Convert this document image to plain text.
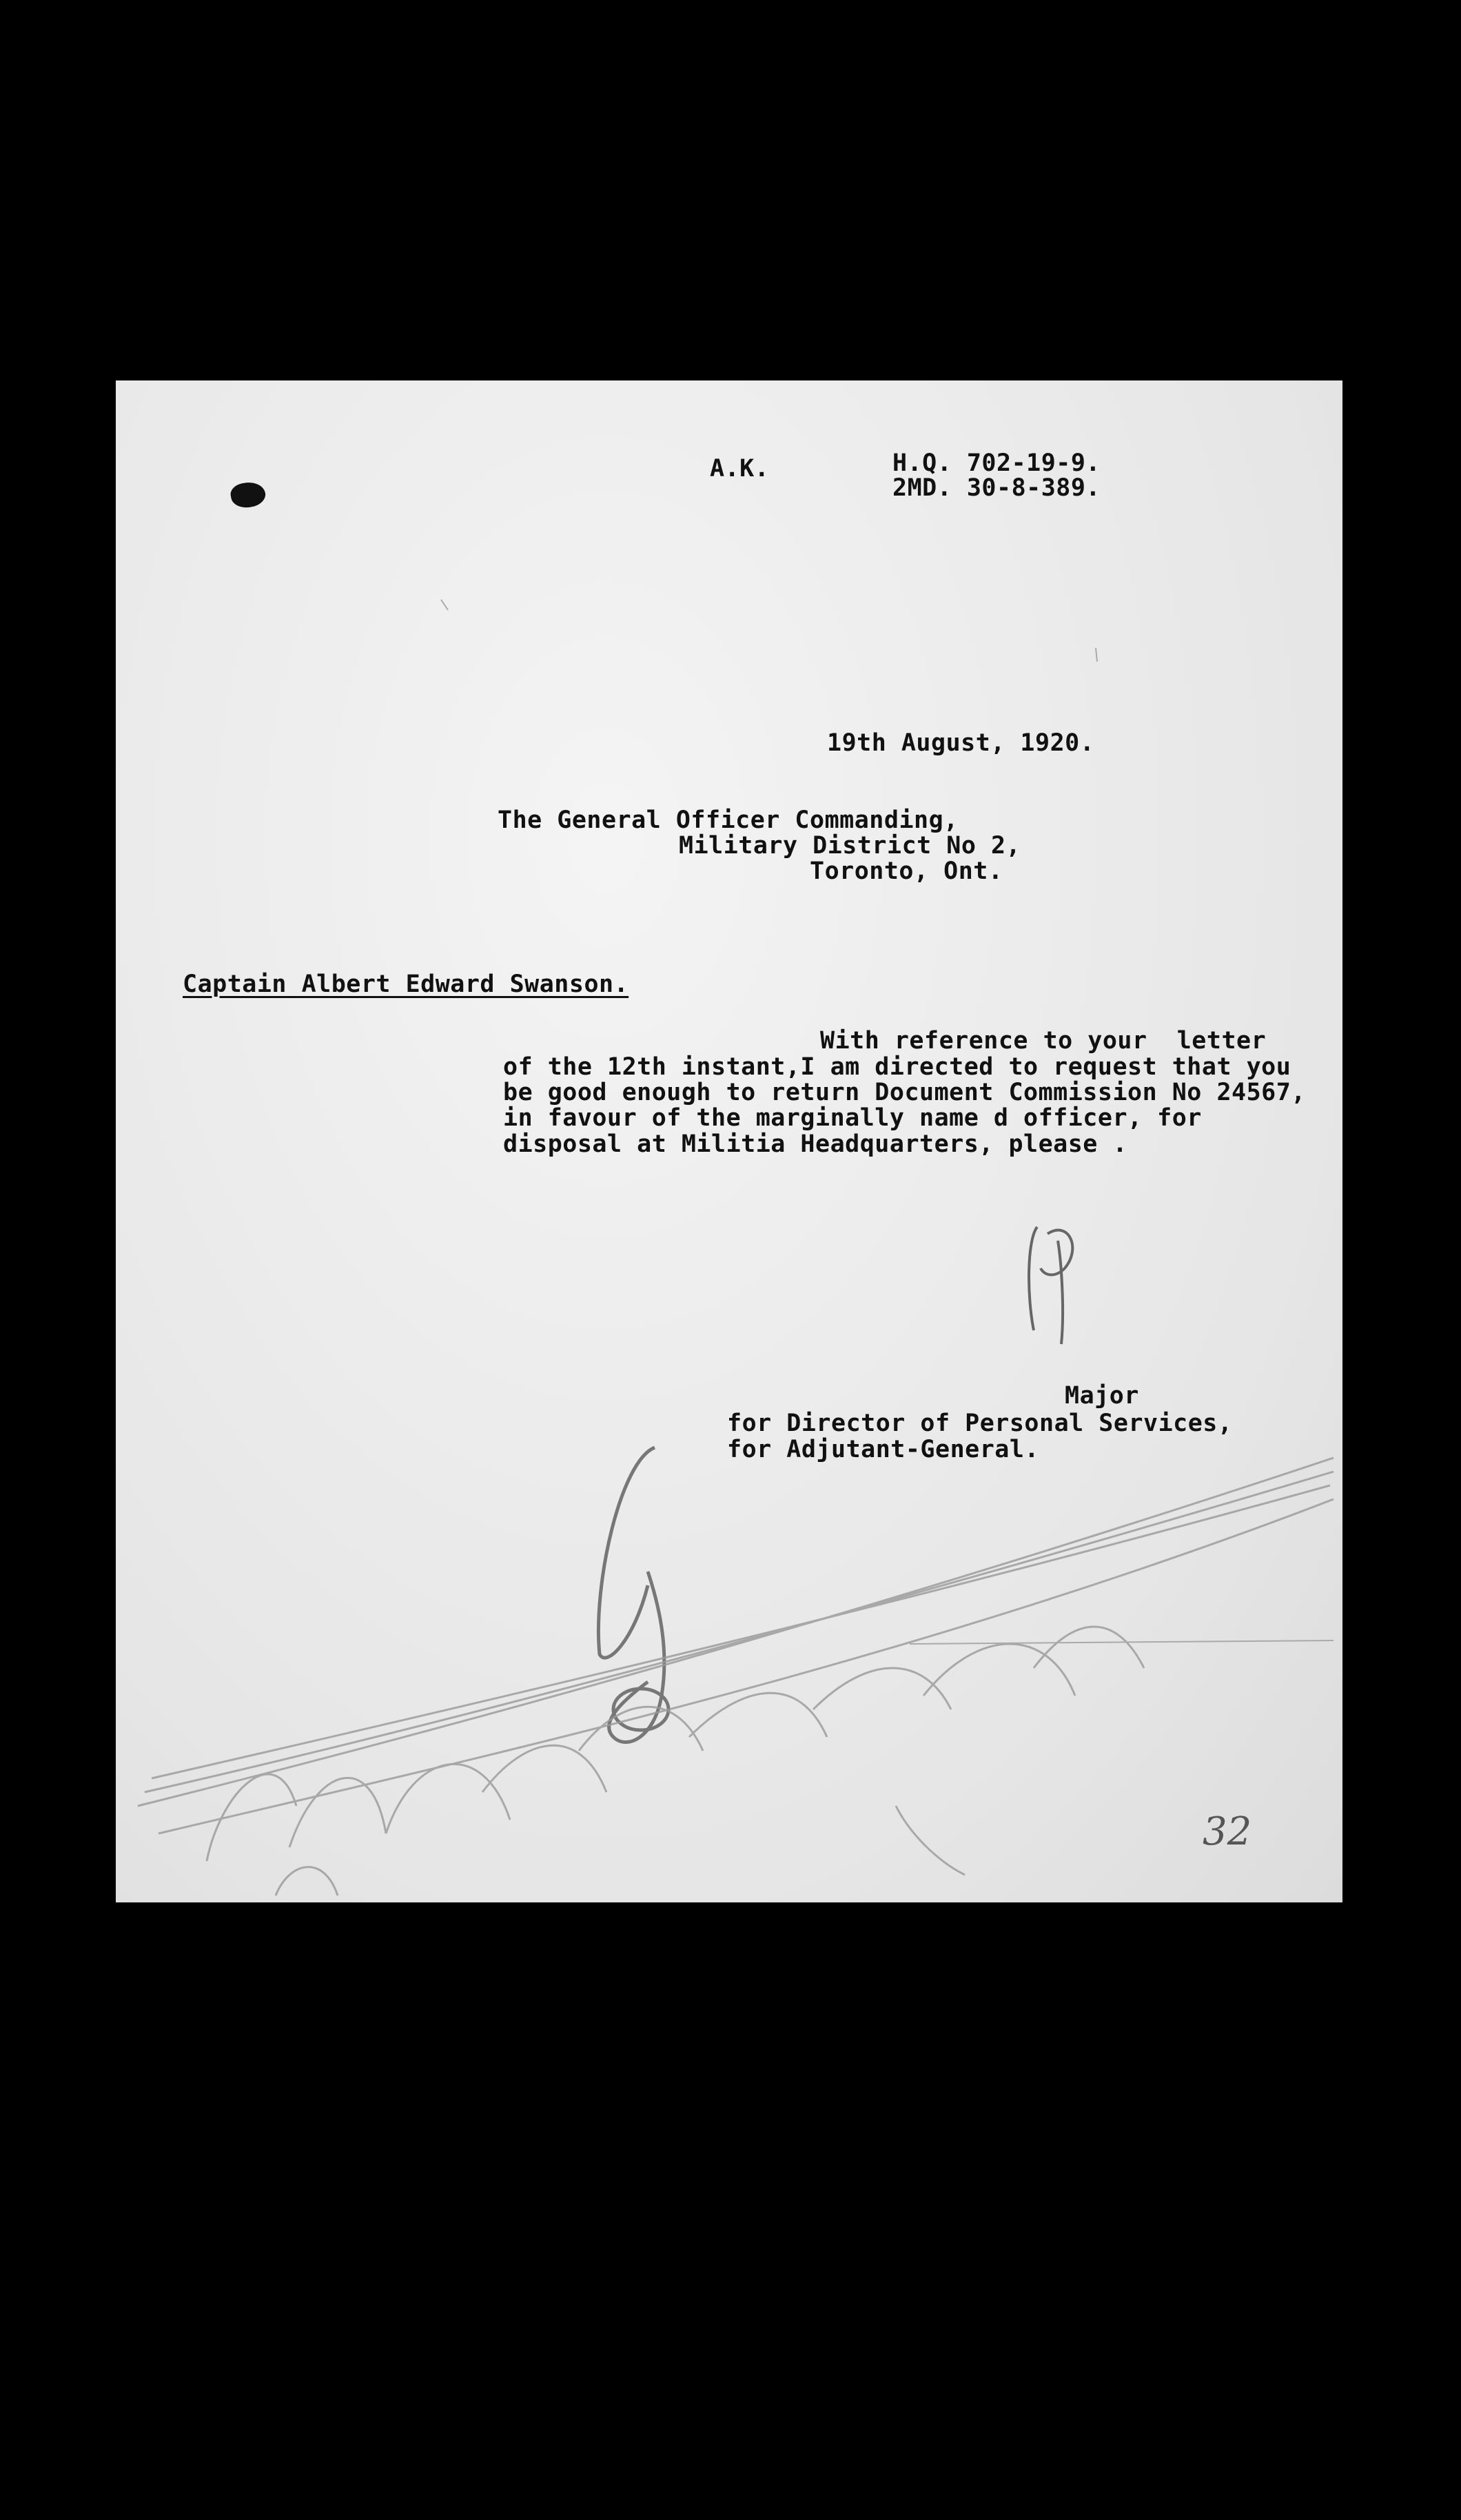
A.K.	H.Q. 702-19-9.
2MD. 30-8-389.
19th August, 1920.
The General Officer Commanding,
Military District No 2,
Toronto, Ont.
Captain Albert Edward Swanson.
With reference to your  letter
of the 12th instant,I am directed to request that you
be good enough to return Document Commission No 24567,
in favour of the marginally name d officer, for
disposal at Militia Headquarters, please .
Major
for Director of Personal Services,
for Adjutant-General.
32
